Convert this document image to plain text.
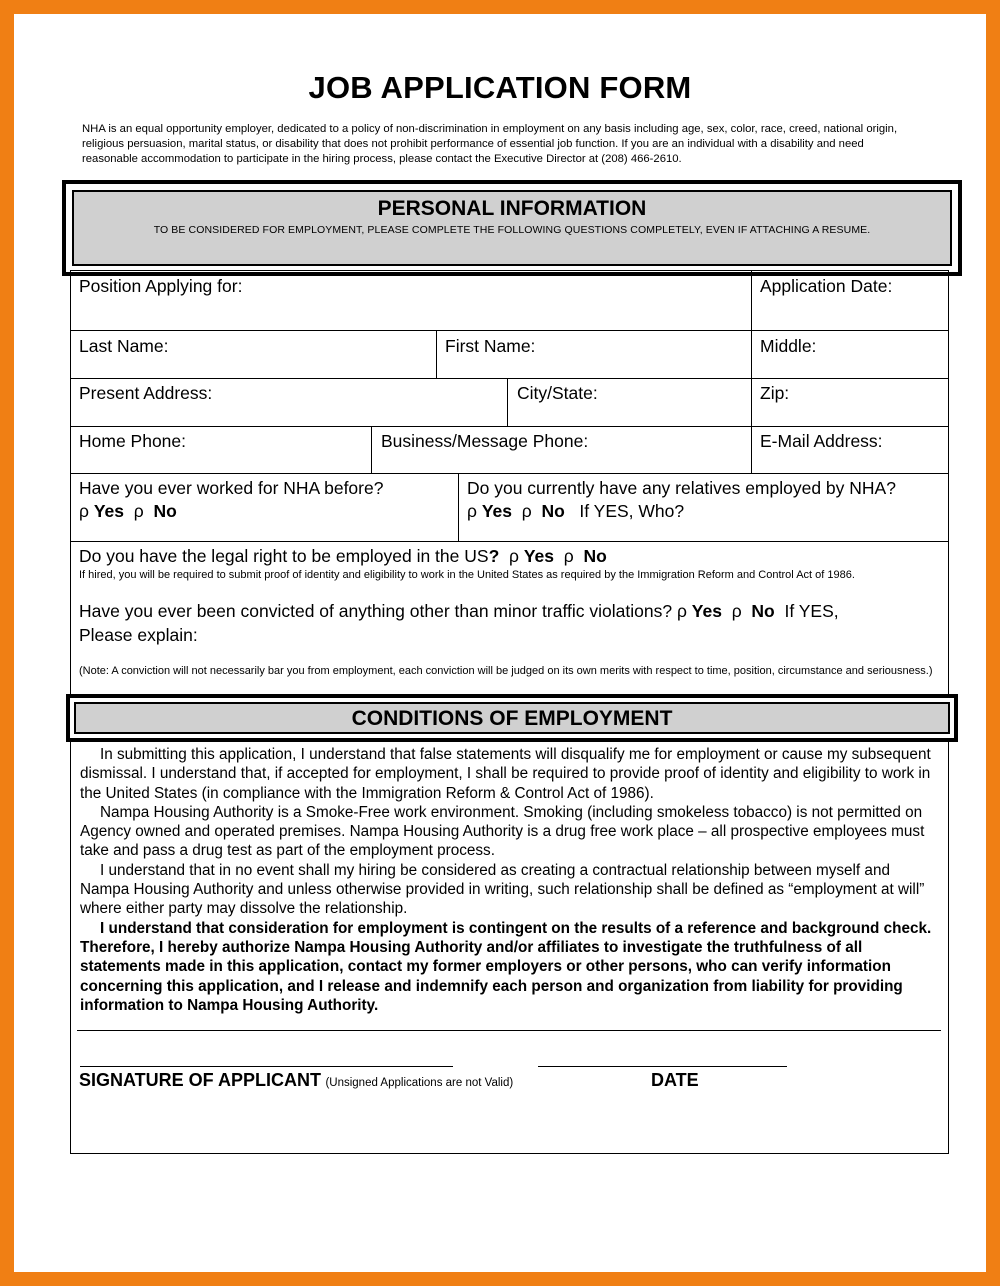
JOB APPLICATION FORM
NHA is an equal opportunity employer, dedicated to a policy of non-discrimination in employment on any basis including age, sex, color, race, creed, national origin, religious persuasion, marital status, or disability that does not prohibit performance of essential job function. If you are an individual with a disability and need reasonable accommodation to participate in the hiring process, please contact the Executive Director at (208) 466-2610.
PERSONAL INFORMATION
TO BE CONSIDERED FOR EMPLOYMENT, PLEASE COMPLETE THE FOLLOWING QUESTIONS COMPLETELY, EVEN IF ATTACHING A RESUME.
Position Applying for:	Application Date:
Last Name:	First Name:	Middle:
Present Address:	City/State:	Zip:
Home Phone:	Business/Message Phone:	E-Mail Address:
Have you ever worked for NHA before?
ρ Yes ρ No
Do you currently have any relatives employed by NHA?
ρ Yes ρ No If YES, Who?
Do you have the legal right to be employed in the US? ρ Yes ρ No
If hired, you will be required to submit proof of identity and eligibility to work in the United States as required by the Immigration Reform and Control Act of 1986.
Have you ever been convicted of anything other than minor traffic violations? ρ Yes ρ No If YES,
Please explain:
(Note: A conviction will not necessarily bar you from employment, each conviction will be judged on its own merits with respect to time, position, circumstance and seriousness.)
CONDITIONS OF EMPLOYMENT

In submitting this application, I understand that false statements will disqualify me for employment or cause my subsequent dismissal. I understand that, if accepted for employment, I shall be required to provide proof of identity and eligibility to work in the United States (in compliance with the Immigration Reform & Control Act of 1986).

Nampa Housing Authority is a Smoke-Free work environment. Smoking (including smokeless tobacco) is not permitted on Agency owned and operated premises. Nampa Housing Authority is a drug free work place – all prospective employees must take and pass a drug test as part of the employment process.

I understand that in no event shall my hiring be considered as creating a contractual relationship between myself and Nampa Housing Authority and unless otherwise provided in writing, such relationship shall be defined as “employment at will” where either party may dissolve the relationship.

I understand that consideration for employment is contingent on the results of a reference and background check. Therefore, I hereby authorize Nampa Housing Authority and/or affiliates to investigate the truthfulness of all statements made in this application, contact my former employers or other persons, who can verify information concerning this application, and I release and indemnify each person and organization from liability for providing information to Nampa Housing Authority.

SIGNATURE OF APPLICANT (Unsigned Applications are not Valid)	DATE
